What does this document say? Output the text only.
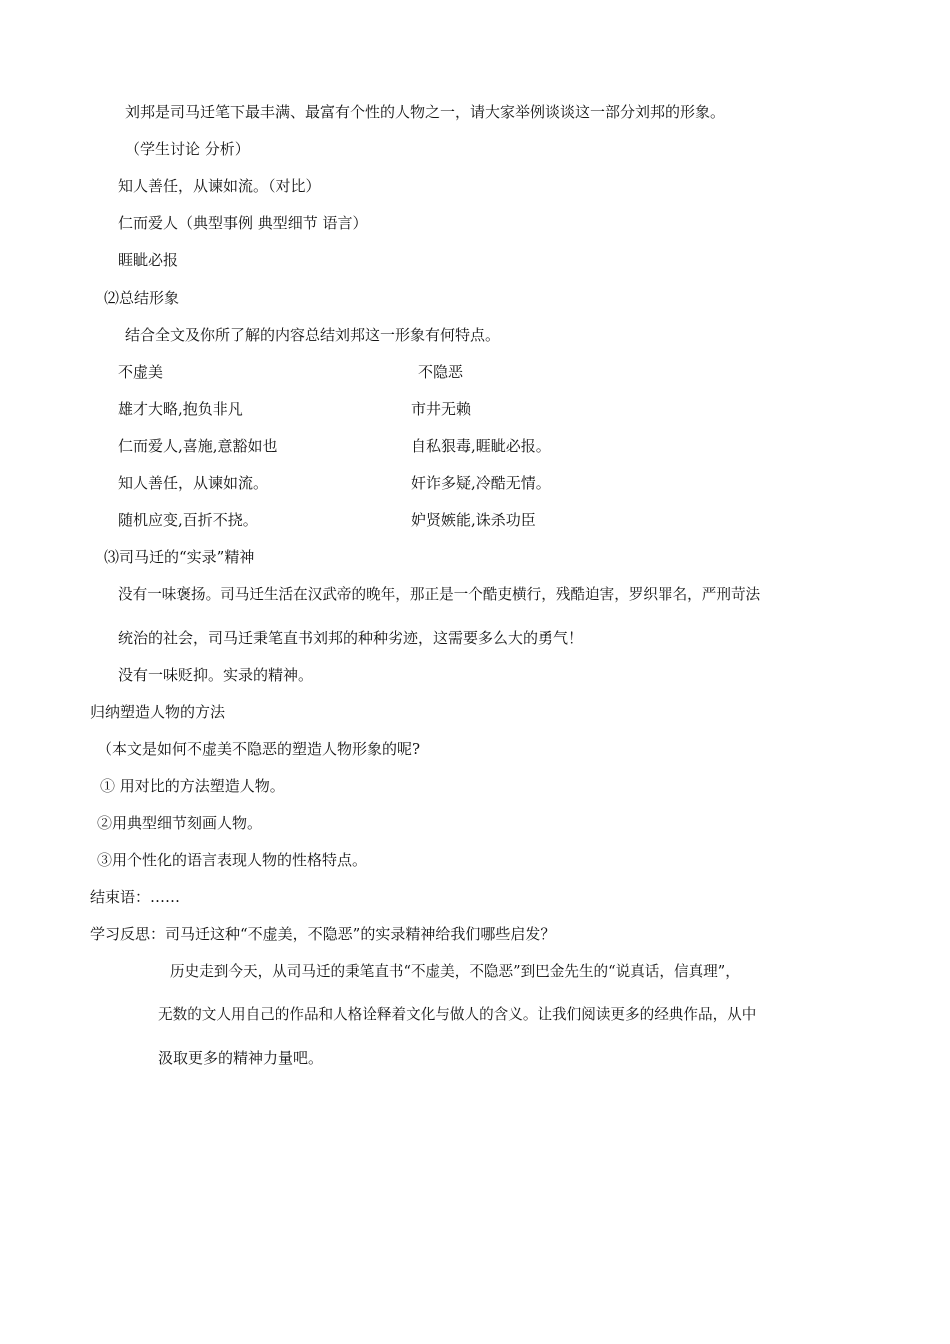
刘邦是司马迁笔下最丰满、最富有个性的人物之一，请大家举例谈谈这一部分刘邦的形象。
（学生讨论 分析）
知人善任，从谏如流。（对比）
仁而爱人（典型事例 典型细节 语言）
睚眦必报
⑵总结形象
结合全文及你所了解的内容总结刘邦这一形象有何特点。
不虚美	不隐恶
雄才大略,抱负非凡	市井无赖
仁而爱人,喜施,意豁如也	自私狠毒,睚眦必报。
知人善任，从谏如流。	奸诈多疑,冷酷无情。
随机应变,百折不挠。	妒贤嫉能,诛杀功臣
⑶司马迁的“实录”精神
没有一味褒扬。司马迁生活在汉武帝的晚年，那正是一个酷吏横行，残酷迫害，罗织罪名，严刑苛法
统治的社会，司马迁秉笔直书刘邦的种种劣迹，这需要多么大的勇气！
没有一味贬抑。实录的精神。
归纳塑造人物的方法
（本文是如何不虚美不隐恶的塑造人物形象的呢?
① 用对比的方法塑造人物。
②用典型细节刻画人物。
③用个性化的语言表现人物的性格特点。
结束语：……
学习反思：司马迁这种“不虚美，不隐恶”的实录精神给我们哪些启发？
历史走到今天，从司马迁的秉笔直书“不虚美，不隐恶”到巴金先生的“说真话，信真理”，
无数的文人用自己的作品和人格诠释着文化与做人的含义。让我们阅读更多的经典作品，从中
汲取更多的精神力量吧。
